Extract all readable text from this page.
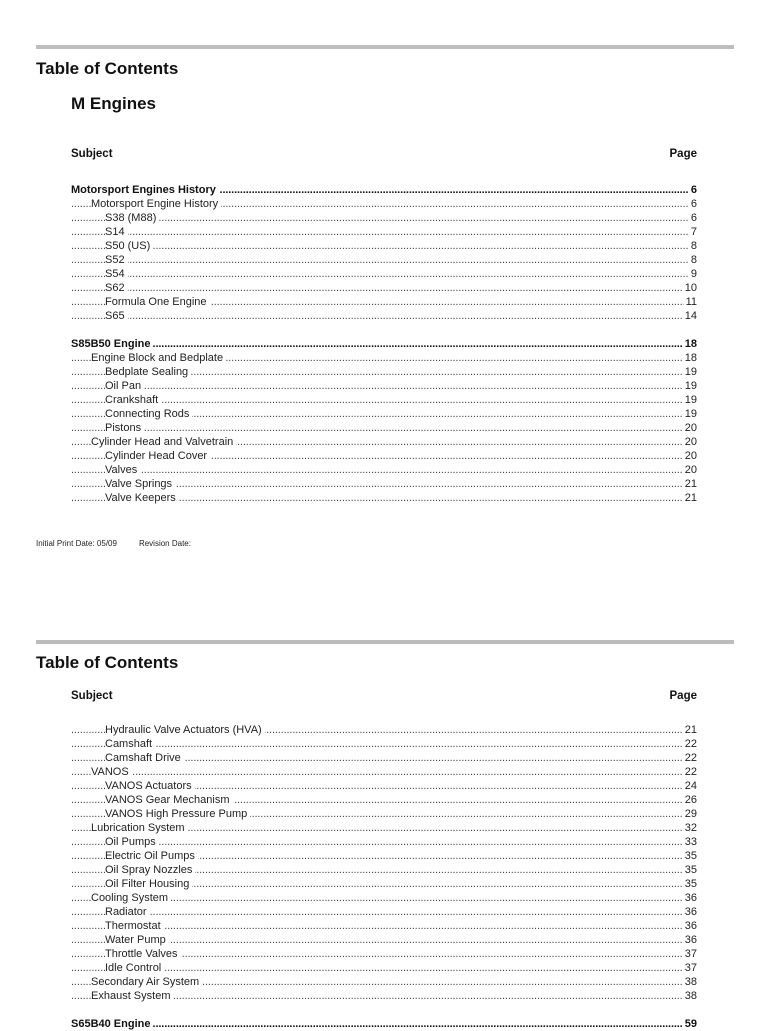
Table of Contents
M Engines
Subject	Page
Motorsport Engines History	6
. . .
Motorsport Engine History	6
. . .
S38 (M88)	6
. . .
S14	7
. . .
S50 (US)	8
. . .
S52	8
. . .
S54	9
. . .
S62	10
. . .
Formula One Engine	11
. . .
S65	14
. . .
S85B50 Engine	18
. . .
Engine Block and Bedplate	18
. . .
Bedplate Sealing	19
. . .
Oil Pan	19
. . .
Crankshaft	19
. . .
Connecting Rods	19
. . .
Pistons	20
. . .
Cylinder Head and Valvetrain	20
. . .
Cylinder Head Cover	20
. . .
Valves	20
. . .
Valve Springs	21
. . .
Valve Keepers	21
. . .
Initial Print Date: 05/09	Revision Date:
Table of Contents
Subject	Page
Hydraulic Valve Actuators (HVA)	21
. . .
Camshaft	22
. . .
Camshaft Drive	22
. . .
VANOS	22
. . .
VANOS Actuators	24
. . .
VANOS Gear Mechanism	26
. . .
VANOS High Pressure Pump	29
. . .
Lubrication System	32
. . .
Oil Pumps	33
. . .
Electric Oil Pumps	35
. . .
Oil Spray Nozzles	35
. . .
Oil Filter Housing	35
. . .
Cooling System	36
. . .
Radiator	36
. . .
Thermostat	36
. . .
Water Pump	36
. . .
Throttle Valves	37
. . .
Idle Control	37
. . .
Secondary Air System	38
. . .
Exhaust System	38
. . .
S65B40 Engine	59
. . .
